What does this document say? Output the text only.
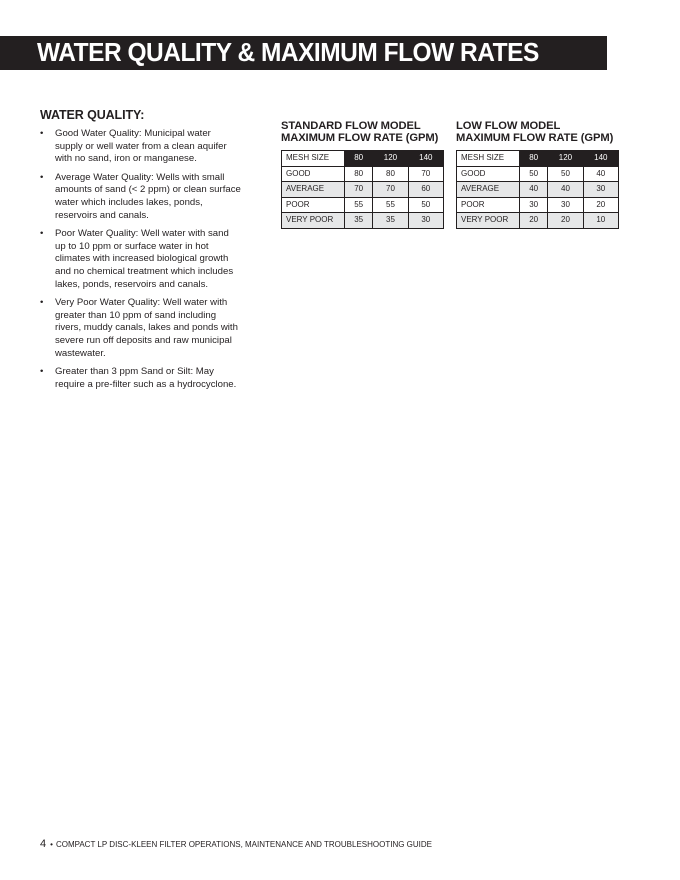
WATER QUALITY & MAXIMUM FLOW RATES
WATER QUALITY:
• Good Water Quality: Municipal water
supply or well water from a clean aquifer
with no sand, iron or manganese.
• Average Water Quality: Wells with small
amounts of sand (< 2 ppm) or clean surface
water which includes lakes, ponds,
reservoirs and canals.
• Poor Water Quality: Well water with sand
up to 10 ppm or surface water in hot
climates with increased biological growth
and no chemical treatment which includes
lakes, ponds, reservoirs and canals.
• Very Poor Water Quality: Well water with
greater than 10 ppm of sand including
rivers, muddy canals, lakes and ponds with
severe run off deposits and raw municipal
wastewater.
• Greater than 3 ppm Sand or Silt: May
require a pre-filter such as a hydrocyclone.
STANDARD FLOW MODEL
MAXIMUM FLOW RATE (GPM)
MESH SIZE	80	120	140
GOOD	80	80	70
AVERAGE	70	70	60
POOR	55	55	50
VERY POOR	35	35	30
LOW FLOW MODEL
MAXIMUM FLOW RATE (GPM)
MESH SIZE	80	120	140
GOOD	50	50	40
AVERAGE	40	40	30
POOR	30	30	20
VERY POOR	20	20	10
4 • COMPACT LP DISC-KLEEN FILTER OPERATIONS, MAINTENANCE AND TROUBLESHOOTING GUIDE
